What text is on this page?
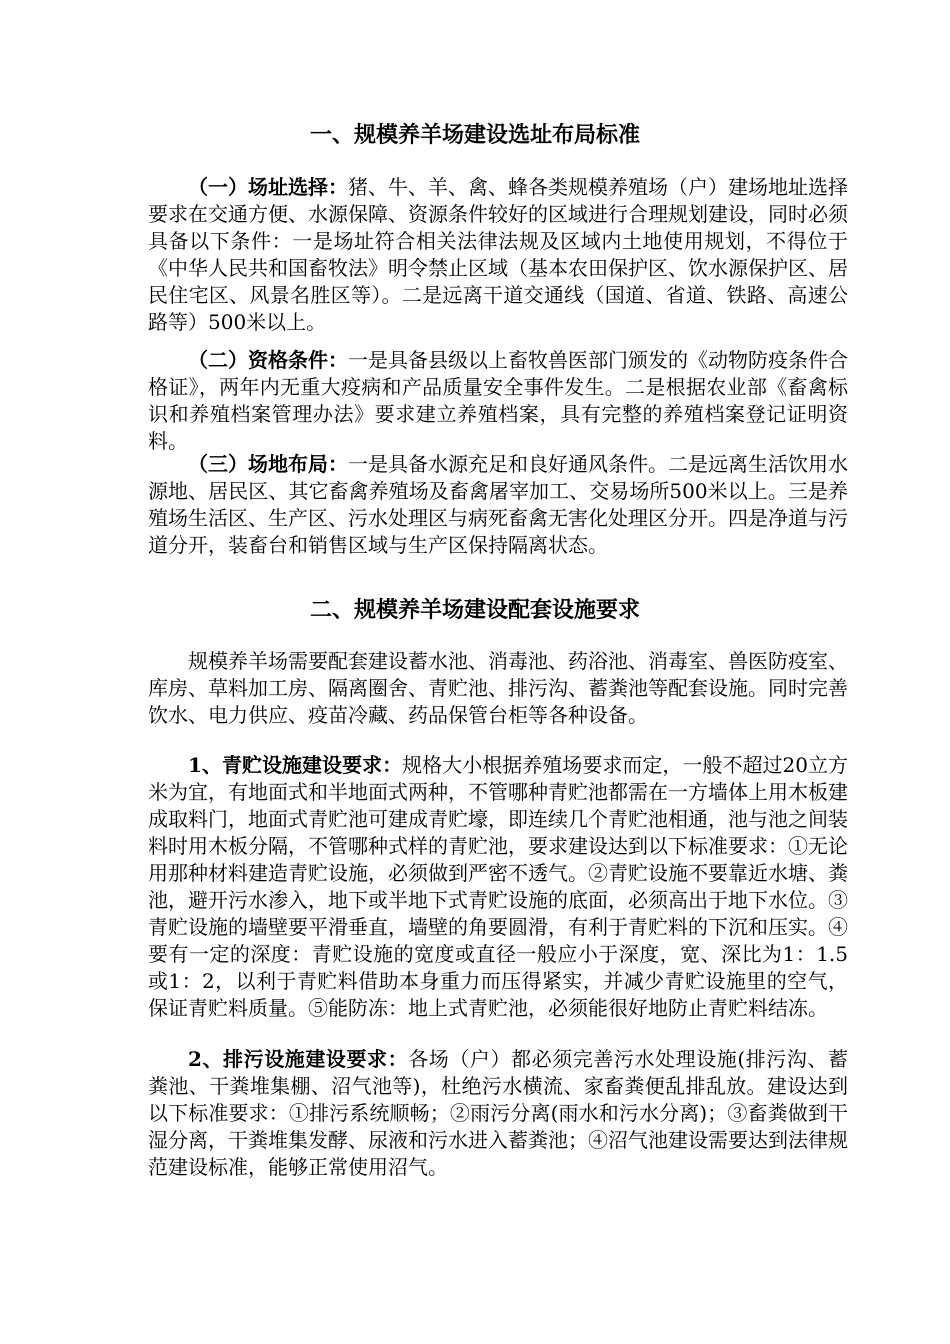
一、规模养羊场建设选址布局标准

（一）场址选择：猪、牛、羊、禽、蜂各类规模养殖场（户）建场地址选择要求在交通方便、水源保障、资源条件较好的区域进行合理规划建设，同时必须具备以下条件：一是场址符合相关法律法规及区域内土地使用规划，不得位于《中华人民共和国畜牧法》明令禁止区域（基本农田保护区、饮水源保护区、居民住宅区、风景名胜区等）。二是远离干道交通线（国道、省道、铁路、高速公路等）500米以上。

（二）资格条件：一是具备县级以上畜牧兽医部门颁发的《动物防疫条件合格证》，两年内无重大疫病和产品质量安全事件发生。二是根据农业部《畜禽标识和养殖档案管理办法》要求建立养殖档案，具有完整的养殖档案登记证明资料。

（三）场地布局：一是具备水源充足和良好通风条件。二是远离生活饮用水源地、居民区、其它畜禽养殖场及畜禽屠宰加工、交易场所500米以上。三是养殖场生活区、生产区、污水处理区与病死畜禽无害化处理区分开。四是净道与污道分开，装畜台和销售区域与生产区保持隔离状态。

二、规模养羊场建设配套设施要求

规模养羊场需要配套建设蓄水池、消毒池、药浴池、消毒室、兽医防疫室、库房、草料加工房、隔离圈舍、青贮池、排污沟、蓄粪池等配套设施。同时完善饮水、电力供应、疫苗冷藏、药品保管台柜等各种设备。

1、青贮设施建设要求：规格大小根据养殖场要求而定，一般不超过20立方米为宜，有地面式和半地面式两种，不管哪种青贮池都需在一方墙体上用木板建成取料门，地面式青贮池可建成青贮壕，即连续几个青贮池相通，池与池之间装料时用木板分隔，不管哪种式样的青贮池，要求建设达到以下标准要求：①无论用那种材料建造青贮设施，必须做到严密不透气。②青贮设施不要靠近水塘、粪池，避开污水渗入，地下或半地下式青贮设施的底面，必须高出于地下水位。③青贮设施的墙壁要平滑垂直，墙壁的角要圆滑，有利于青贮料的下沉和压实。④要有一定的深度：青贮设施的宽度或直径一般应小于深度，宽、深比为1：1.5或1：2，以利于青贮料借助本身重力而压得紧实，并减少青贮设施里的空气，保证青贮料质量。⑤能防冻：地上式青贮池，必须能很好地防止青贮料结冻。

2、排污设施建设要求：各场（户）都必须完善污水处理设施(排污沟、蓄粪池、干粪堆集棚、沼气池等)，杜绝污水横流、家畜粪便乱排乱放。建设达到以下标准要求：①排污系统顺畅；②雨污分离(雨水和污水分离)；③畜粪做到干湿分离，干粪堆集发酵、尿液和污水进入蓄粪池；④沼气池建设需要达到法律规范建设标准，能够正常使用沼气。
